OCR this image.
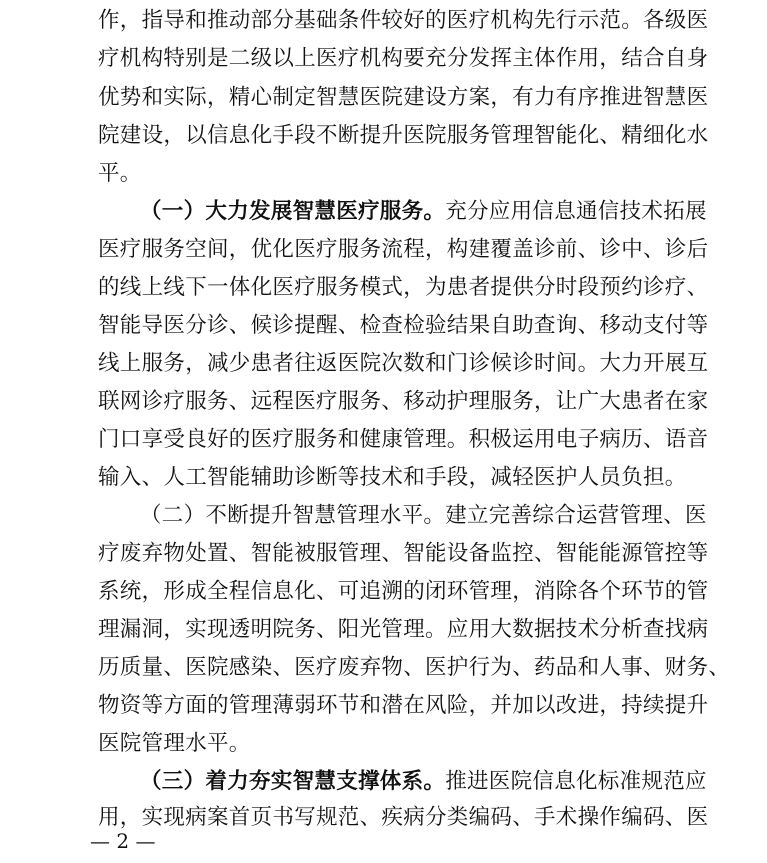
作，指导和推动部分基础条件较好的医疗机构先行示范。各级医
疗机构特别是二级以上医疗机构要充分发挥主体作用，结合自身
优势和实际，精心制定智慧医院建设方案，有力有序推进智慧医
院建设，以信息化手段不断提升医院服务管理智能化、精细化水
平。
（一）大力发展智慧医疗服务。充分应用信息通信技术拓展
医疗服务空间，优化医疗服务流程，构建覆盖诊前、诊中、诊后
的线上线下一体化医疗服务模式，为患者提供分时段预约诊疗、
智能导医分诊、候诊提醒、检查检验结果自助查询、移动支付等
线上服务，减少患者往返医院次数和门诊候诊时间。大力开展互
联网诊疗服务、远程医疗服务、移动护理服务，让广大患者在家
门口享受良好的医疗服务和健康管理。积极运用电子病历、语音
输入、人工智能辅助诊断等技术和手段，减轻医护人员负担。
（二）不断提升智慧管理水平。建立完善综合运营管理、医
疗废弃物处置、智能被服管理、智能设备监控、智能能源管控等
系统，形成全程信息化、可追溯的闭环管理，消除各个环节的管
理漏洞，实现透明院务、阳光管理。应用大数据技术分析查找病
历质量、医院感染、医疗废弃物、医护行为、药品和人事、财务、
物资等方面的管理薄弱环节和潜在风险，并加以改进，持续提升
医院管理水平。
（三）着力夯实智慧支撑体系。推进医院信息化标准规范应
用，实现病案首页书写规范、疾病分类编码、手术操作编码、医
— 2 —
